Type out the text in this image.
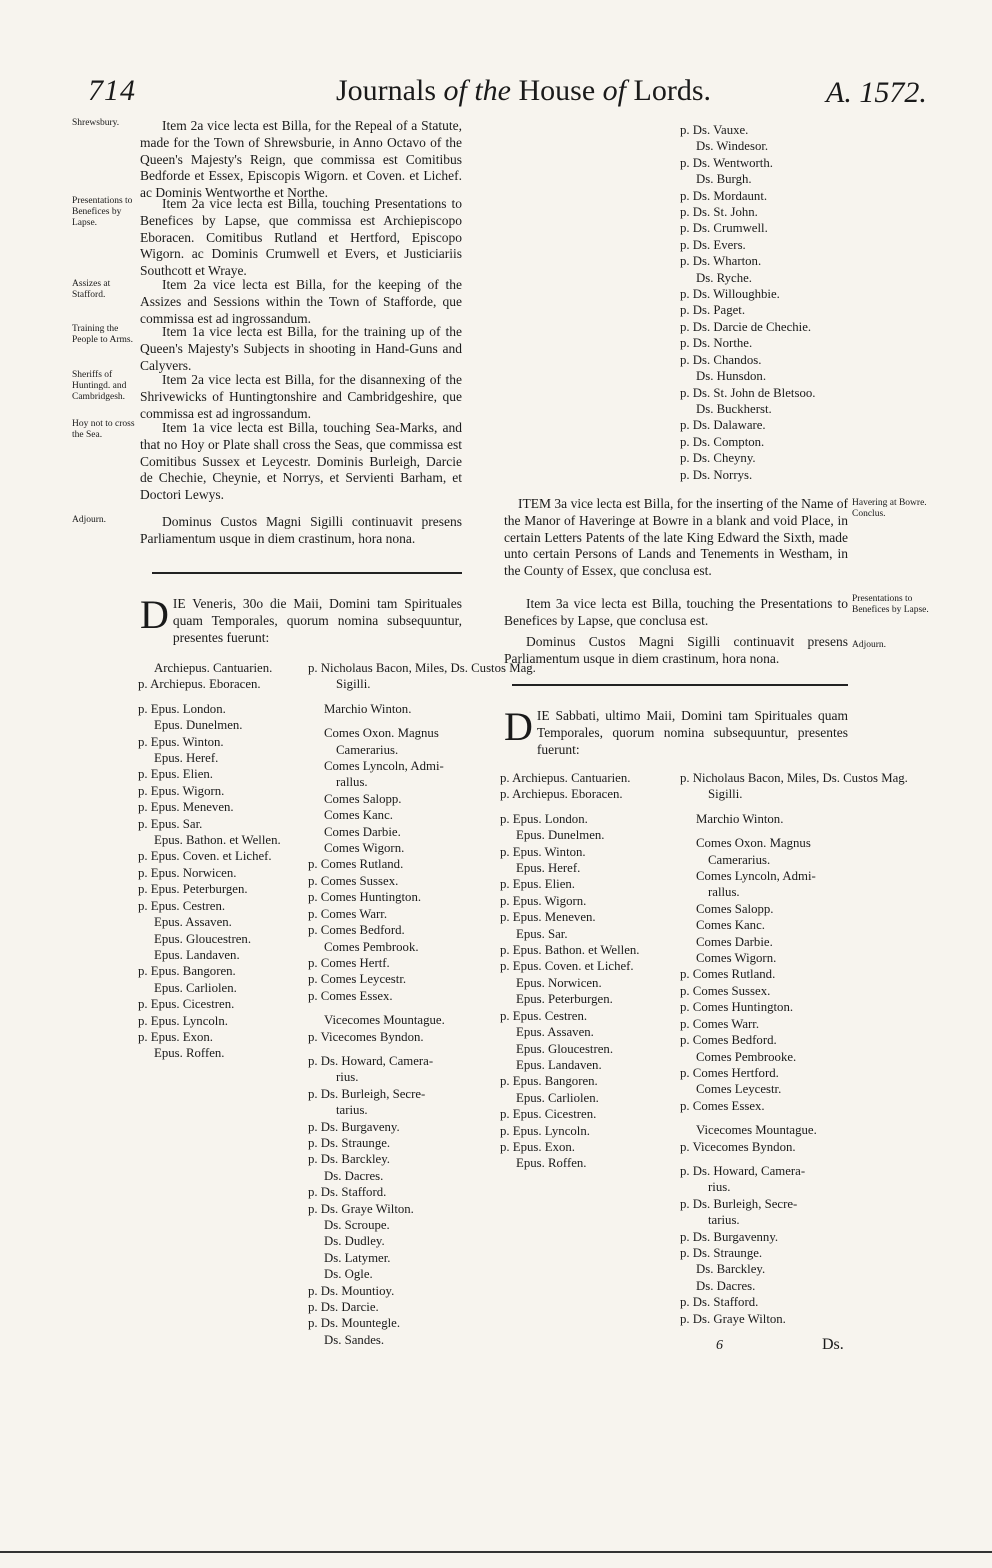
714	Journals of the House of Lords.	A. 1572.
Shrewsbury.
Presentations to Benefices by Lapse.
Assizes at Stafford.
Training the People to Arms.
Sheriffs of Huntingd. and Cambridgesh.
Hoy not to cross the Sea.
Adjourn.
Item 2a vice lecta est Billa, for the Repeal of a Statute, made for the Town of Shrewsburie, in Anno Octavo of the Queen's Majesty's Reign, que commissa est Comitibus Bedforde et Essex, Episcopis Wigorn. et Coven. et Lichef. ac Dominis Wentworthe et Northe.
Item 2a vice lecta est Billa, touching Presentations to Benefices by Lapse, que commissa est Archiepiscopo Eboracen. Comitibus Rutland et Hertford, Episcopo Wigorn. ac Dominis Crumwell et Evers, et Justiciariis Southcott et Wraye.
Item 2a vice lecta est Billa, for the keeping of the Assizes and Sessions within the Town of Stafforde, que commissa est ad ingrossandum.
Item 1a vice lecta est Billa, for the training up of the Queen's Majesty's Subjects in shooting in Hand-Guns and Calyvers.
Item 2a vice lecta est Billa, for the disannexing of the Shrivewicks of Huntingtonshire and Cambridgeshire, que commissa est ad ingrossandum.
Item 1a vice lecta est Billa, touching Sea-Marks, and that no Hoy or Plate shall cross the Seas, que commissa est Comitibus Sussex et Leycestr. Dominis Burleigh, Darcie de Chechie, Cheynie, et Norrys, et Servienti Barham, et Doctori Lewys.
Dominus Custos Magni Sigilli continuavit presens Parliamentum usque in diem crastinum, hora nona.
D IE Veneris, 30o die Maii, Domini tam Spirituales quam Temporales, quorum nomina subsequuntur, presentes fuerunt:
Archiepus. Cantuarien.
p. Archiepus. Eboracen.
p. Epus. London.
Epus. Dunelmen.
p. Epus. Winton.
Epus. Heref.
p. Epus. Elien.
p. Epus. Wigorn.
p. Epus. Meneven.
p. Epus. Sar.
Epus. Bathon. et Wellen.
p. Epus. Coven. et Lichef.
p. Epus. Norwicen.
p. Epus. Peterburgen.
p. Epus. Cestren.
Epus. Assaven.
Epus. Gloucestren.
Epus. Landaven.
p. Epus. Bangoren.
Epus. Carliolen.
p. Epus. Cicestren.
p. Epus. Lyncoln.
p. Epus. Exon.
Epus. Roffen.
p. Nicholaus Bacon, Miles, Ds. Custos Mag.
Sigilli.
Marchio Winton.
Comes Oxon. Magnus
Camerarius.
Comes Lyncoln, Admi-
rallus.
Comes Salopp.
Comes Kanc.
Comes Darbie.
Comes Wigorn.
p. Comes Rutland.
p. Comes Sussex.
p. Comes Huntington.
p. Comes Warr.
p. Comes Bedford.
Comes Pembrook.
p. Comes Hertf.
p. Comes Leycestr.
p. Comes Essex.
Vicecomes Mountague.
p. Vicecomes Byndon.
p. Ds. Howard, Camera-
rius.
p. Ds. Burleigh, Secre-
tarius.
p. Ds. Burgaveny.
p. Ds. Straunge.
p. Ds. Barckley.
Ds. Dacres.
p. Ds. Stafford.
p. Ds. Graye Wilton.
Ds. Scroupe.
Ds. Dudley.
Ds. Latymer.
Ds. Ogle.
p. Ds. Mountioy.
p. Ds. Darcie.
p. Ds. Mountegle.
Ds. Sandes.
p. Ds. Vauxe.
Ds. Windesor.
p. Ds. Wentworth.
Ds. Burgh.
p. Ds. Mordaunt.
p. Ds. St. John.
p. Ds. Crumwell.
p. Ds. Evers.
p. Ds. Wharton.
Ds. Ryche.
p. Ds. Willoughbie.
p. Ds. Paget.
p. Ds. Darcie de Chechie.
p. Ds. Northe.
p. Ds. Chandos.
Ds. Hunsdon.
p. Ds. St. John de Bletsoo.
Ds. Buckherst.
p. Ds. Dalaware.
p. Ds. Compton.
p. Ds. Cheyny.
p. Ds. Norrys.
Havering at Bowre. Conclus.
Presentations to Benefices by Lapse.
Adjourn.
ITEM 3a vice lecta est Billa, for the inserting of the Name of the Manor of Haveringe at Bowre in a blank and void Place, in certain Letters Patents of the late King Edward the Sixth, made unto certain Persons of Lands and Tenements in Westham, in the County of Essex, que conclusa est.
Item 3a vice lecta est Billa, touching the Presentations to Benefices by Lapse, que conclusa est.
Dominus Custos Magni Sigilli continuavit presens Parliamentum usque in diem crastinum, hora nona.
D IE Sabbati, ultimo Maii, Domini tam Spirituales quam Temporales, quorum nomina subsequuntur, presentes fuerunt:
p. Archiepus. Cantuarien.
p. Archiepus. Eboracen.
p. Epus. London.
Epus. Dunelmen.
p. Epus. Winton.
Epus. Heref.
p. Epus. Elien.
p. Epus. Wigorn.
p. Epus. Meneven.
Epus. Sar.
p. Epus. Bathon. et Wellen.
p. Epus. Coven. et Lichef.
Epus. Norwicen.
Epus. Peterburgen.
p. Epus. Cestren.
Epus. Assaven.
Epus. Gloucestren.
Epus. Landaven.
p. Epus. Bangoren.
Epus. Carliolen.
p. Epus. Cicestren.
p. Epus. Lyncoln.
p. Epus. Exon.
Epus. Roffen.
p. Nicholaus Bacon, Miles, Ds. Custos Mag.
Sigilli.
Marchio Winton.
Comes Oxon. Magnus
Camerarius.
Comes Lyncoln, Admi-
rallus.
Comes Salopp.
Comes Kanc.
Comes Darbie.
Comes Wigorn.
p. Comes Rutland.
p. Comes Sussex.
p. Comes Huntington.
p. Comes Warr.
p. Comes Bedford.
Comes Pembrooke.
p. Comes Hertford.
Comes Leycestr.
p. Comes Essex.
Vicecomes Mountague.
p. Vicecomes Byndon.
p. Ds. Howard, Camera-
rius.
p. Ds. Burleigh, Secre-
tarius.
p. Ds. Burgavenny.
p. Ds. Straunge.
Ds. Barckley.
Ds. Dacres.
p. Ds. Stafford.
p. Ds. Graye Wilton.
6	Ds.
